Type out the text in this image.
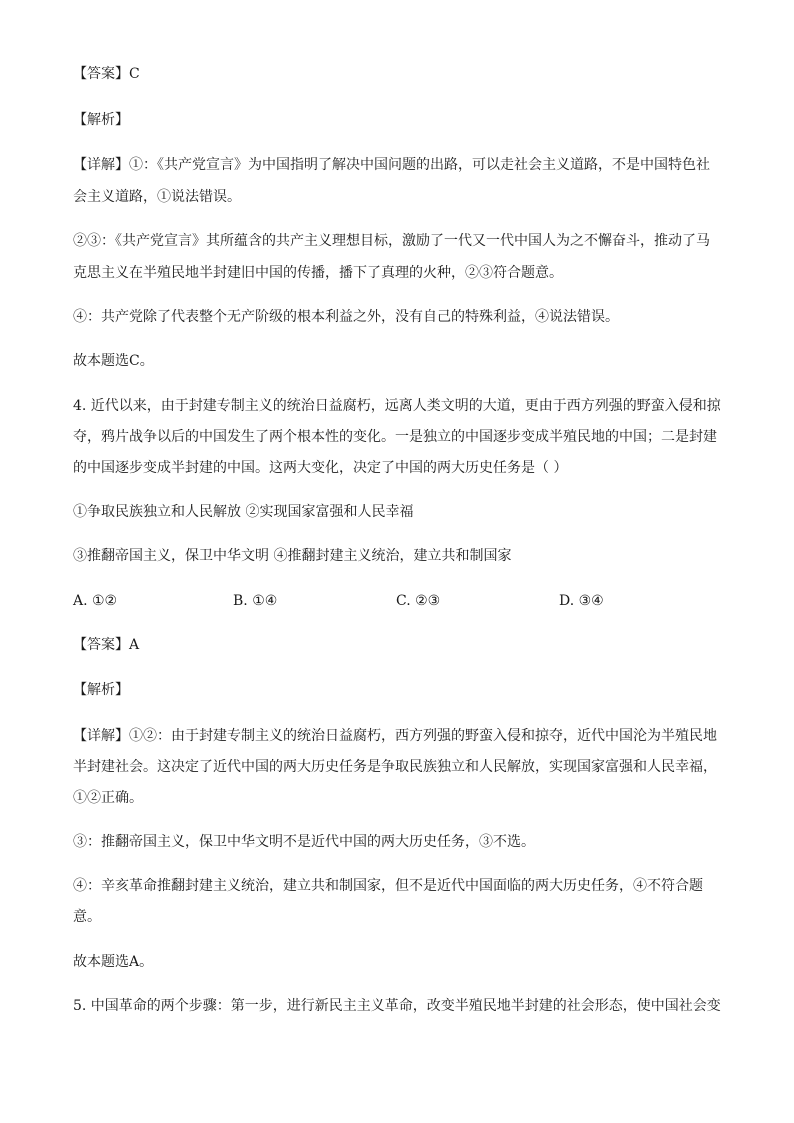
【答案】C

【解析】

【详解】①：《共产党宣言》为中国指明了解决中国问题的出路，可以走社会主义道路，不是中国特色社

会主义道路，①说法错误。

②③：《共产党宣言》其所蕴含的共产主义理想目标，激励了一代又一代中国人为之不懈奋斗，推动了马

克思主义在半殖民地半封建旧中国的传播，播下了真理的火种，②③符合题意。

④：共产党除了代表整个无产阶级的根本利益之外，没有自己的特殊利益，④说法错误。

故本题选C。

4. 近代以来，由于封建专制主义的统治日益腐朽，远离人类文明的大道，更由于西方列强的野蛮入侵和掠

夺，鸦片战争以后的中国发生了两个根本性的变化。一是独立的中国逐步变成半殖民地的中国；二是封建

的中国逐步变成半封建的中国。这两大变化，决定了中国的两大历史任务是（ ）

①争取民族独立和人民解放 ②实现国家富强和人民幸福

③推翻帝国主义，保卫中华文明 ④推翻封建主义统治，建立共和制国家

A. ①②	B. ①④	C. ②③	D. ③④

【答案】A

【解析】

【详解】①②：由于封建专制主义的统治日益腐朽，西方列强的野蛮入侵和掠夺，近代中国沦为半殖民地

半封建社会。这决定了近代中国的两大历史任务是争取民族独立和人民解放，实现国家富强和人民幸福，

①②正确。

③：推翻帝国主义，保卫中华文明不是近代中国的两大历史任务，③不选。

④：辛亥革命推翻封建主义统治，建立共和制国家，但不是近代中国面临的两大历史任务，④不符合题

意。

故本题选A。

5. 中国革命的两个步骤：第一步，进行新民主主义革命，改变半殖民地半封建的社会形态，使中国社会变
